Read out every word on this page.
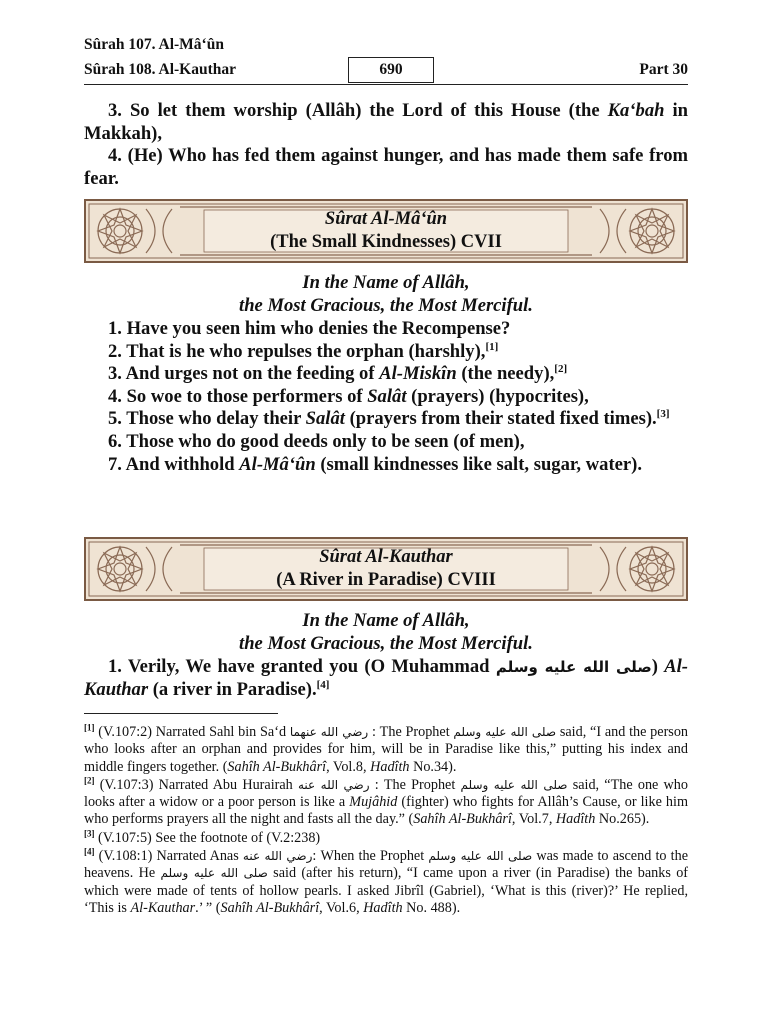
Sûrah 107. Al-Mâ‘ûn
Sûrah 108. Al-Kauthar	690	Part 30

3. So let them worship (Allâh) the Lord of this House (the Ka‘bah in Makkah),

4. (He) Who has fed them against hunger, and has made them safe from fear.

Sûrat Al-Mâ‘ûn
(The Small Kindnesses) CVII
In the Name of Allâh,
the Most Gracious, the Most Merciful.

1. Have you seen him who denies the Recompense?

2. That is he who repulses the orphan (harshly),[1]

3. And urges not on the feeding of Al-Miskîn (the needy),[2]

4. So woe to those performers of Salât (prayers) (hypocrites),

5. Those who delay their Salât (prayers from their stated fixed times).[3]

6. Those who do good deeds only to be seen (of men),

7. And withhold Al-Mâ‘ûn (small kindnesses like salt, sugar, water).

Sûrat Al-Kauthar
(A River in Paradise) CVIII
In the Name of Allâh,
the Most Gracious, the Most Merciful.

1. Verily, We have granted you (O Muhammad صلى الله عليه وسلم) Al-Kauthar (a river in Paradise).[4]

[1] (V.107:2) Narrated Sahl bin Sa‘d رضي الله عنهما : The Prophet صلى الله عليه وسلم said, “I and the person who looks after an orphan and provides for him, will be in Paradise like this,” putting his index and middle fingers together. (Sahîh Al-Bukhârî, Vol.8, Hadîth No.34).

[2] (V.107:3) Narrated Abu Hurairah رضي الله عنه : The Prophet صلى الله عليه وسلم said, “The one who looks after a widow or a poor person is like a Mujâhid (fighter) who fights for Allâh’s Cause, or like him who performs prayers all the night and fasts all the day.” (Sahîh Al-Bukhârî, Vol.7, Hadîth No.265).

[3] (V.107:5) See the footnote of (V.2:238)

[4] (V.108:1) Narrated Anas رضي الله عنه: When the Prophet صلى الله عليه وسلم was made to ascend to the heavens. He صلى الله عليه وسلم said (after his return), “I came upon a river (in Paradise) the banks of which were made of tents of hollow pearls. I asked Jibrîl (Gabriel), ‘What is this (river)?’ He replied, ‘This is Al-Kauthar.’ ” (Sahîh Al-Bukhârî, Vol.6, Hadîth No. 488).
